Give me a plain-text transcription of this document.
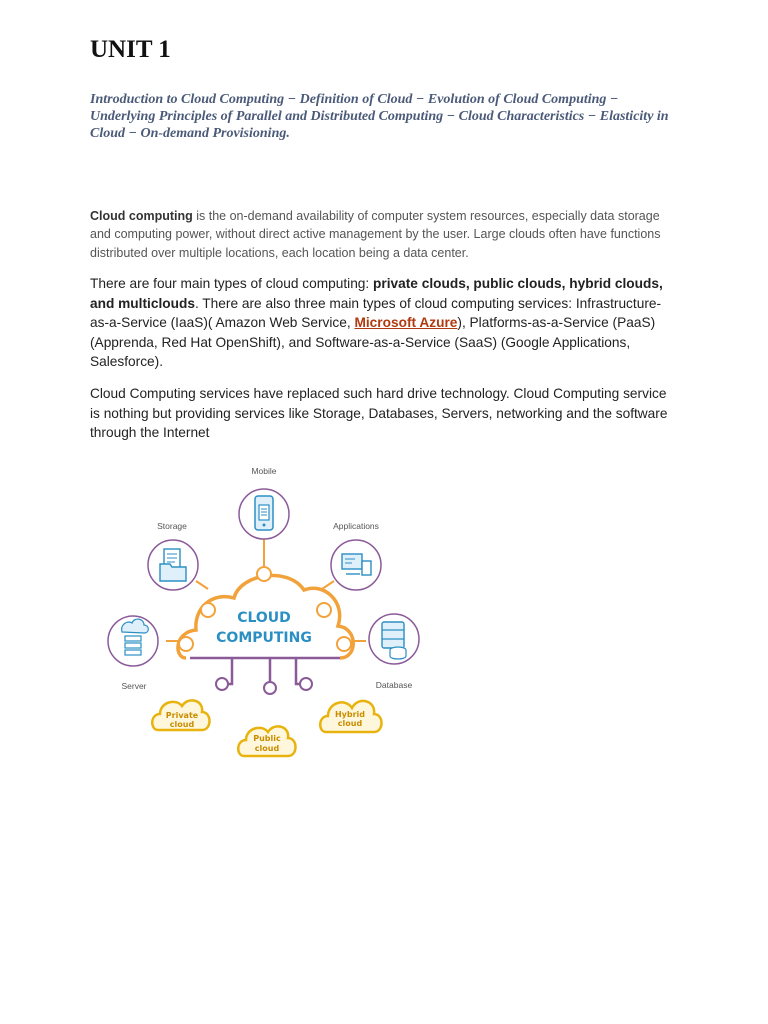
UNIT 1

Introduction to Cloud Computing − Definition of Cloud − Evolution of Cloud Computing − Underlying Principles of Parallel and Distributed Computing − Cloud Characteristics − Elasticity in Cloud − On-demand Provisioning.

Cloud computing is the on-demand availability of computer system resources, especially data storage and computing power, without direct active management by the user. Large clouds often have functions distributed over multiple locations, each location being a data center.

There are four main types of cloud computing: private clouds, public clouds, hybrid clouds, and multiclouds. There are also three main types of cloud computing services: Infrastructure-as-a-Service (IaaS)( Amazon Web Service, Microsoft Azure), Platforms-as-a-Service (PaaS) (Apprenda, Red Hat OpenShift), and Software-as-a-Service (SaaS) (Google Applications, Salesforce).

Cloud Computing services have replaced such hard drive technology. Cloud Computing service is nothing but providing services like Storage, Databases, Servers, networking and the software through the Internet

CLOUD
COMPUTING
Mobile
Storage	Applications
Server	Database
Private
cloud
Public
cloud
Hybrid
cloud
